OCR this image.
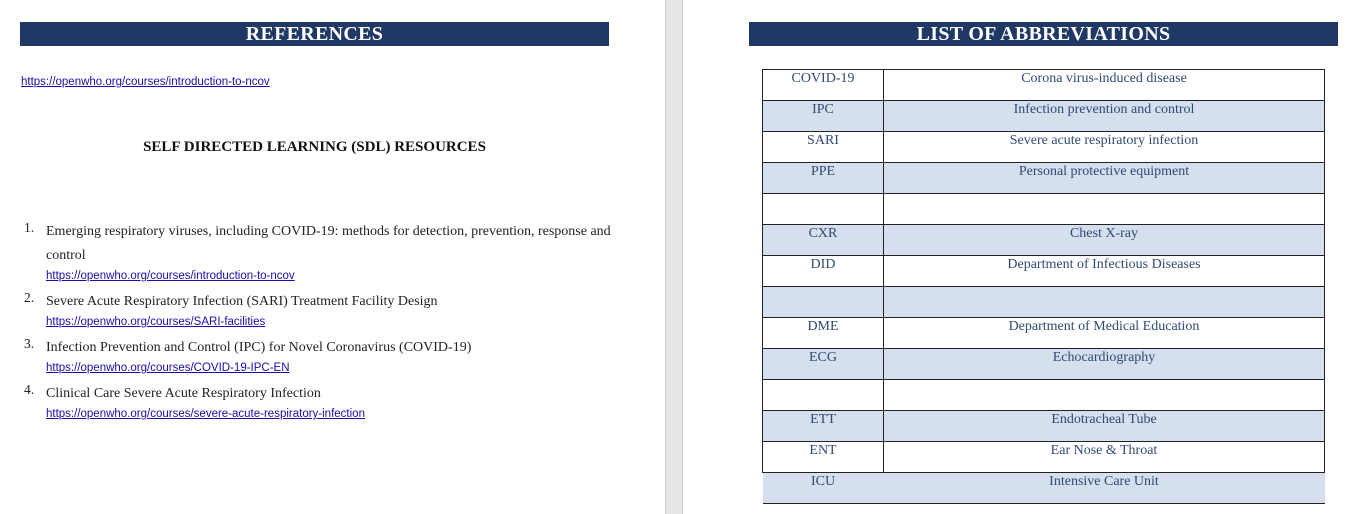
REFERENCES
https://openwho.org/courses/introduction-to-ncov
SELF DIRECTED LEARNING (SDL) RESOURCES
1. Emerging respiratory viruses, including COVID-19: methods for detection, prevention, response and control
https://openwho.org/courses/introduction-to-ncov
2. Severe Acute Respiratory Infection (SARI) Treatment Facility Design
https://openwho.org/courses/SARI-facilities
3. Infection Prevention and Control (IPC) for Novel Coronavirus (COVID-19)
https://openwho.org/courses/COVID-19-IPC-EN
4. Clinical Care Severe Acute Respiratory Infection
https://openwho.org/courses/severe-acute-respiratory-infection
LIST OF ABBREVIATIONS
COVID-19	Corona virus-induced disease
IPC	Infection prevention and control
SARI	Severe acute respiratory infection
PPE	Personal protective equipment

CXR	Chest X-ray
DID	Department of Infectious Diseases

DME	Department of Medical Education
ECG	Echocardiography

ETT	Endotracheal Tube
ENT	Ear Nose & Throat
ICU	Intensive Care Unit
